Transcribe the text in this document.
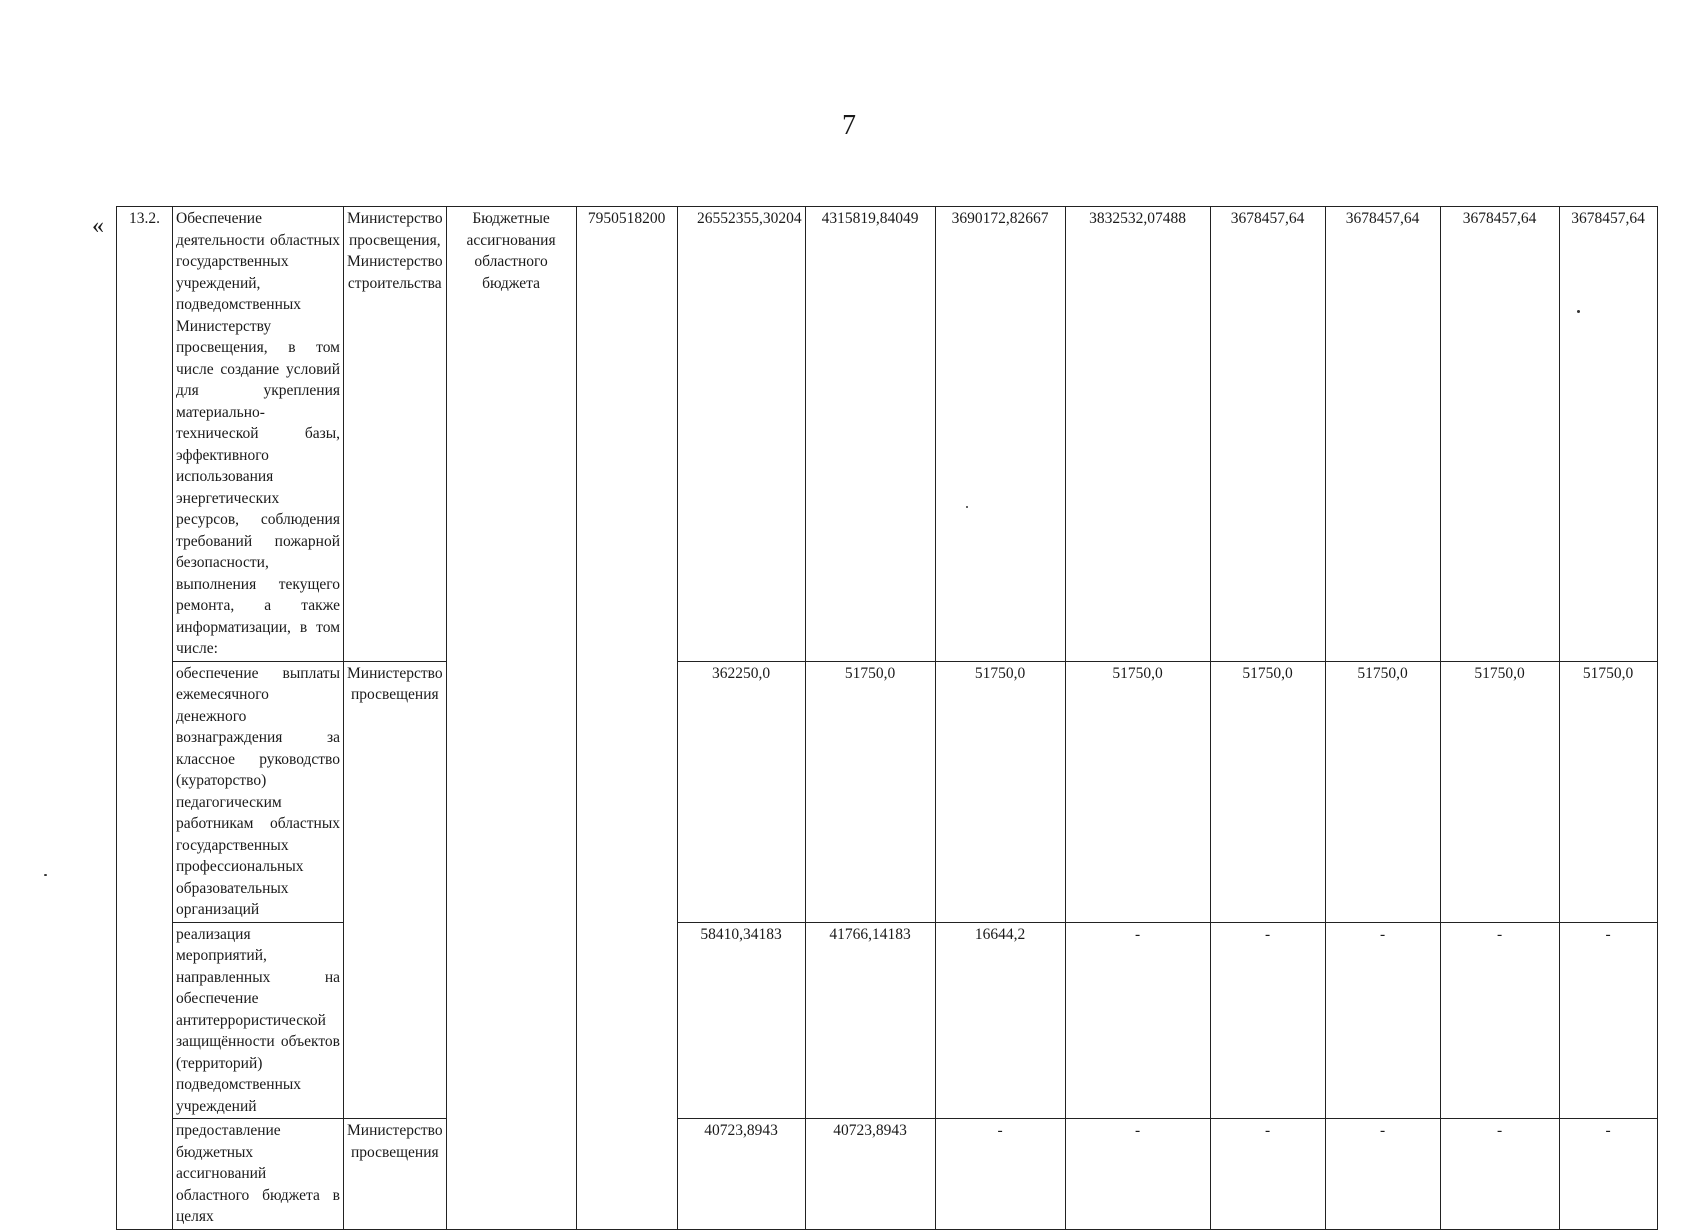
7
« 13.2.	Обеспечение деятельности областных государственных учреждений, подведомственных Министерству просвещения, в том числе создание условий для укрепления материально-технической базы, эффективного использования энергетических ресурсов, соблюдения требований пожарной безопасности, выполнения текущего ремонта, а также информатизации, в том числе:	Министерство просвещения, Министерство строительства	Бюджетные ассигнования областного бюджета	7950518200	26552355,30204	4315819,84049	3690172,82667	3832532,07488	3678457,64	3678457,64	3678457,64	3678457,64
	обеспечение выплаты ежемесячного денежного вознаграждения за классное руководство (кураторство) педагогическим работникам областных государственных профессиональных образовательных организаций	Министерство просвещения			362250,0	51750,0	51750,0	51750,0	51750,0	51750,0	51750,0	51750,0
	реализация мероприятий, направленных на обеспечение антитеррористической защищённости объектов (территорий) подведомственных учреждений				58410,34183	41766,14183	16644,2	-	-	-	-	-
	предоставление бюджетных ассигнований областного бюджета в целях	Министерство просвещения			40723,8943	40723,8943	-	-	-	-	-	-
